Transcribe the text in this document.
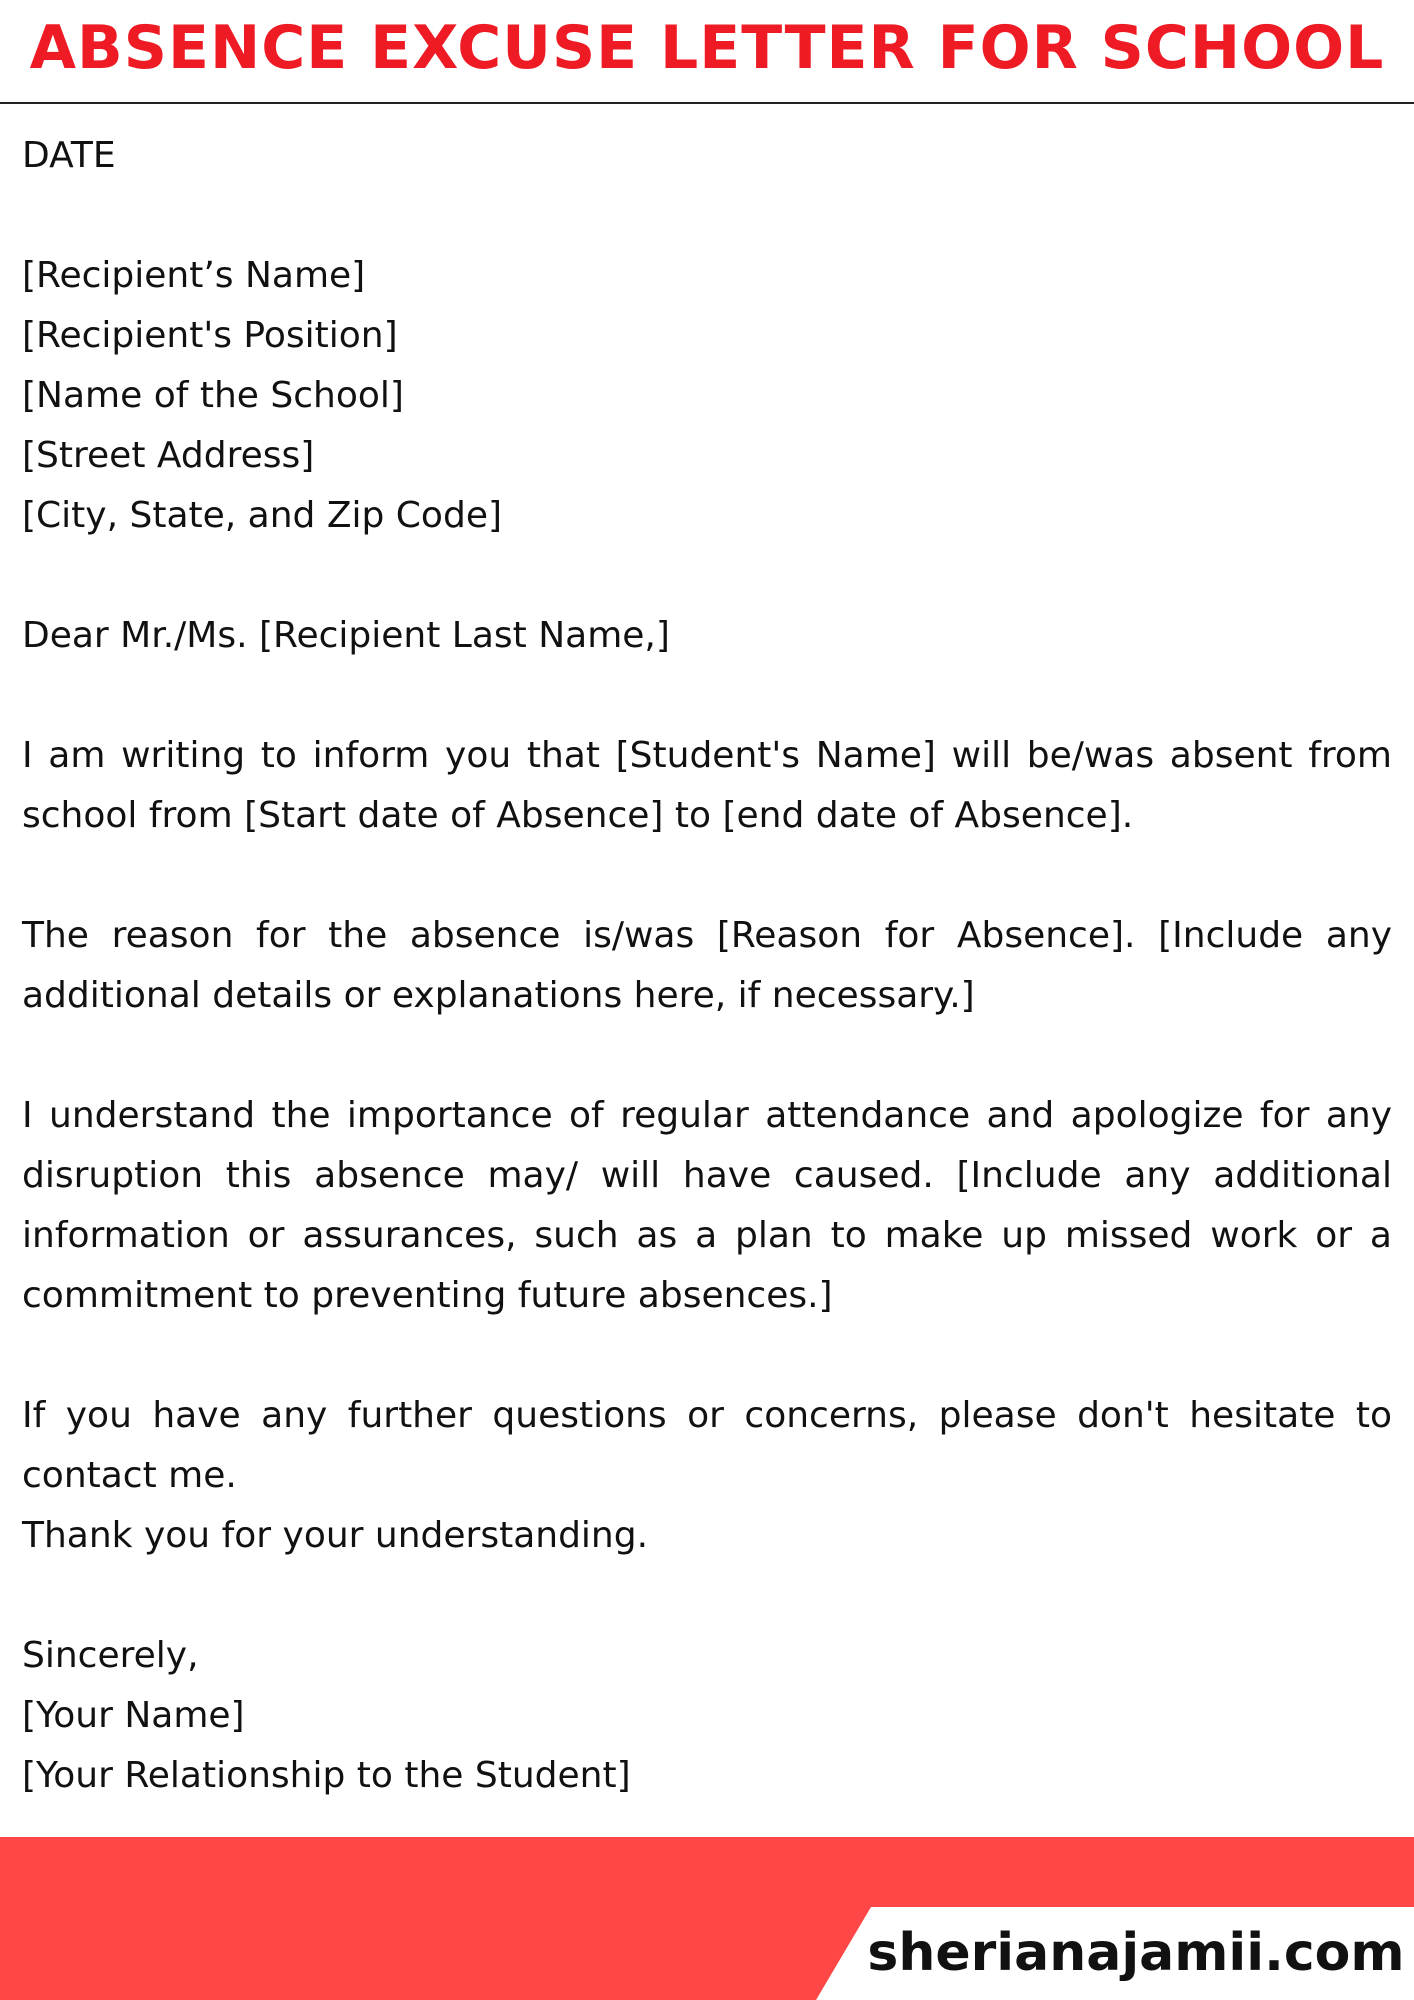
ABSENCE EXCUSE LETTER FOR SCHOOL
DATE
[Recipient’s Name]
[Recipient's Position]
[Name of the School]
[Street Address]
[City, State, and Zip Code]
Dear Mr./Ms. [Recipient Last Name,]

I am writing to inform you that [Student's Name] will be/was absent from school from [Start date of Absence] to [end date of Absence].

The reason for the absence is/was [Reason for Absence]. [Include any additional details or explanations here, if necessary.]

I understand the importance of regular attendance and apologize for any disruption this absence may/ will have caused. [Include any additional information or assurances, such as a plan to make up missed work or a commitment to preventing future absences.]

If you have any further questions or concerns, please don't hesitate to contact me.

Thank you for your understanding.
Sincerely,
[Your Name]
[Your Relationship to the Student]
sherianajamii.com
